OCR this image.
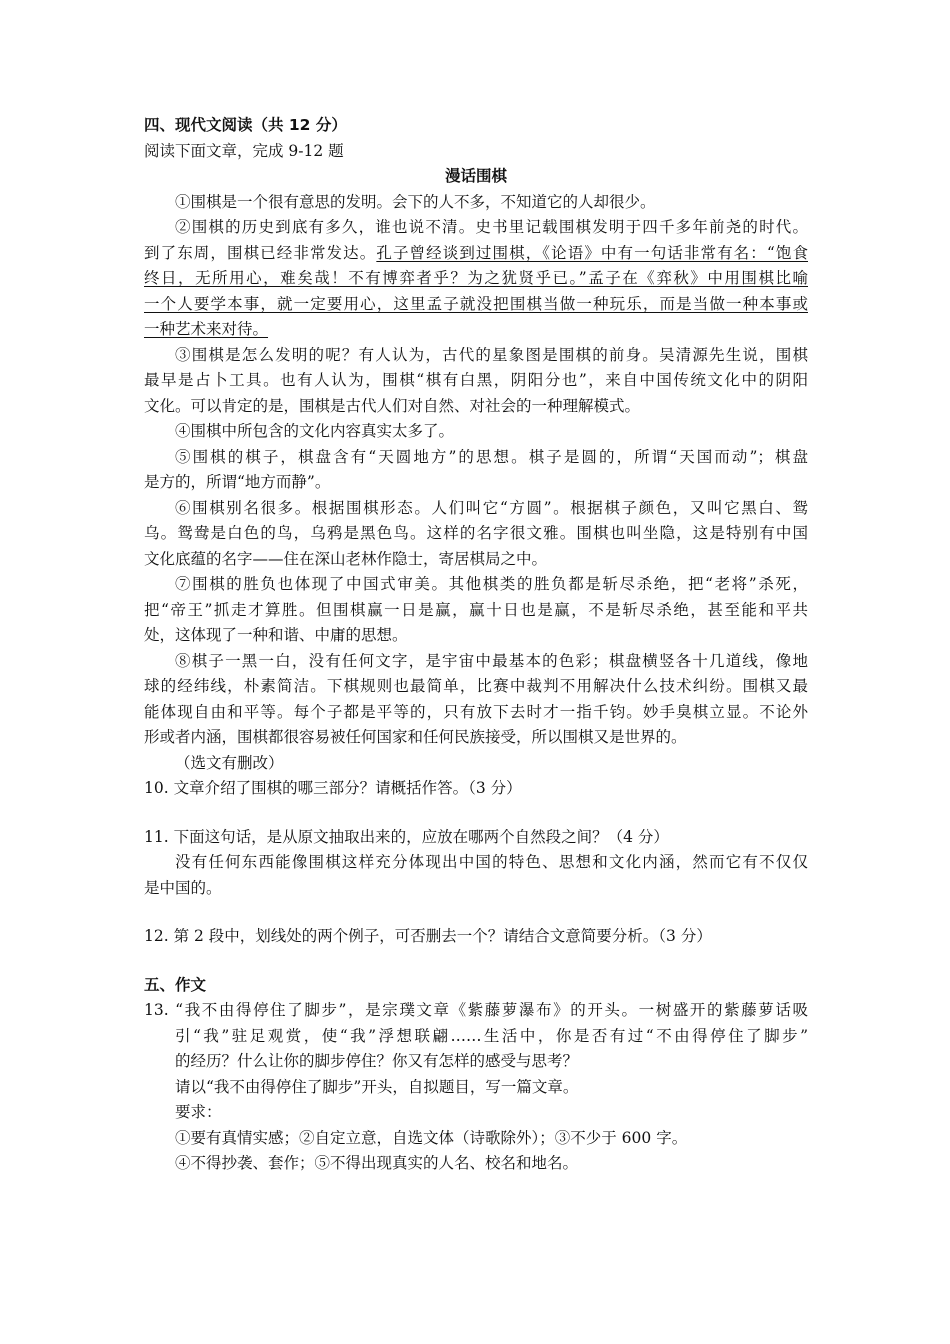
四、现代文阅读（共 12 分）
阅读下面文章，完成 9-12 题
漫话围棋
①围棋是一个很有意思的发明。会下的人不多，不知道它的人却很少。
②围棋的历史到底有多久，谁也说不清。史书里记载围棋发明于四千多年前尧的时代。
到了东周，围棋已经非常发达。孔子曾经谈到过围棋，《论语》中有一句话非常有名：“饱食
终日，无所用心，难矣哉！不有博弈者乎？为之犹贤乎已。”孟子在《弈秋》中用围棋比喻
一个人要学本事，就一定要用心，这里孟子就没把围棋当做一种玩乐，而是当做一种本事或
一种艺术来对待。
③围棋是怎么发明的呢？有人认为，古代的星象图是围棋的前身。吴清源先生说，围棋
最早是占卜工具。也有人认为，围棋“棋有白黑，阴阳分也”，来自中国传统文化中的阴阳
文化。可以肯定的是，围棋是古代人们对自然、对社会的一种理解模式。
④围棋中所包含的文化内容真实太多了。
⑤围棋的棋子，棋盘含有“天圆地方”的思想。棋子是圆的，所谓“天国而动”；棋盘
是方的，所谓“地方而静”。
⑥围棋别名很多。根据围棋形态。人们叫它“方圆”。根据棋子颜色，又叫它黑白、鸳
乌。鸳鸯是白色的鸟，乌鸦是黑色鸟。这样的名字很文雅。围棋也叫坐隐，这是特别有中国
文化底蕴的名字——住在深山老林作隐士，寄居棋局之中。
⑦围棋的胜负也体现了中国式审美。其他棋类的胜负都是斩尽杀绝，把“老将”杀死，
把“帝王”抓走才算胜。但围棋赢一日是赢，赢十日也是赢，不是斩尽杀绝，甚至能和平共
处，这体现了一种和谐、中庸的思想。
⑧棋子一黑一白，没有任何文字，是宇宙中最基本的色彩；棋盘横竖各十几道线，像地
球的经纬线，朴素简洁。下棋规则也最简单，比赛中裁判不用解决什么技术纠纷。围棋又最
能体现自由和平等。每个子都是平等的，只有放下去时才一指千钧。妙手臭棋立显。不论外
形或者内涵，围棋都很容易被任何国家和任何民族接受，所以围棋又是世界的。
（选文有删改）
10. 文章介绍了围棋的哪三部分？请概括作答。（3 分）
11. 下面这句话，是从原文抽取出来的，应放在哪两个自然段之间？（4 分）
没有任何东西能像围棋这样充分体现出中国的特色、思想和文化内涵，然而它有不仅仅
是中国的。
12. 第 2 段中，划线处的两个例子，可否删去一个？请结合文意简要分析。（3 分）
五、作文
13. “我不由得停住了脚步”，是宗璞文章《紫藤萝瀑布》的开头。一树盛开的紫藤萝话吸
引“我”驻足观赏，使“我”浮想联翩……生活中，你是否有过“不由得停住了脚步”
的经历？什么让你的脚步停住？你又有怎样的感受与思考？
请以“我不由得停住了脚步”开头，自拟题目，写一篇文章。
要求：
①要有真情实感；②自定立意，自选文体（诗歌除外）；③不少于 600 字。
④不得抄袭、套作；⑤不得出现真实的人名、校名和地名。
